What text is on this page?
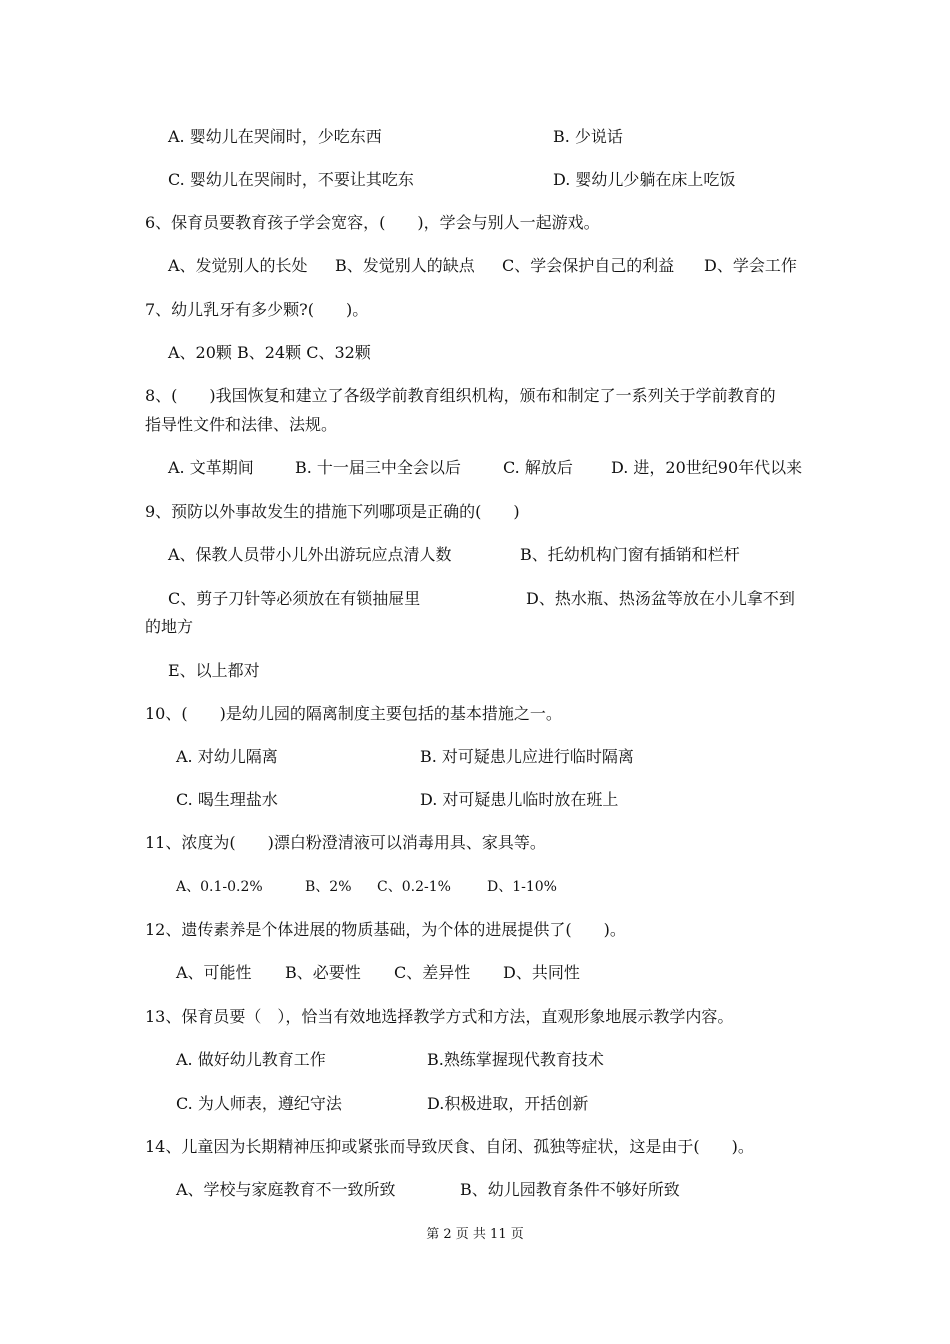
A. 婴幼儿在哭闹时，少吃东西	B. 少说话
C. 婴幼儿在哭闹时，不要让其吃东	D. 婴幼儿少躺在床上吃饭
6、保育员要教育孩子学会宽容，(　　)，学会与别人一起游戏。
A、发觉别人的长处 B、发觉别人的缺点 C、学会保护自己的利益 D、学会工作
7、幼儿乳牙有多少颗?(　　)。
A、20颗 B、24颗 C、32颗
8、(　　)我国恢复和建立了各级学前教育组织机构，颁布和制定了一系列关于学前教育的
指导性文件和法律、法规。
A. 文革期间	B. 十一届三中全会以后	C. 解放后 D. 进，20世纪90年代以来
9、预防以外事故发生的措施下列哪项是正确的(　　)
A、保教人员带小儿外出游玩应点清人数	B、托幼机构门窗有插销和栏杆
C、剪子刀针等必须放在有锁抽屉里	D、热水瓶、热汤盆等放在小儿拿不到
的地方
E、以上都对
10、(　　)是幼儿园的隔离制度主要包括的基本措施之一。
A. 对幼儿隔离	B. 对可疑患儿应进行临时隔离
C. 喝生理盐水	D. 对可疑患儿临时放在班上
11、浓度为(　　)漂白粉澄清液可以消毒用具、家具等。
A、0.1-0.2%	B、2% C、0.2-1%	D、1-10%
12、遗传素养是个体进展的物质基础，为个体的进展提供了(　　)。
A、可能性 B、必要性 C、差异性 D、共同性
13、保育员要（　），恰当有效地选择教学方式和方法，直观形象地展示教学内容。
A. 做好幼儿教育工作	B.熟练掌握现代教育技术
C. 为人师表，遵纪守法	D.积极进取，开括创新
14、儿童因为长期精神压抑或紧张而导致厌食、自闭、孤独等症状，这是由于(　　)。
A、学校与家庭教育不一致所致	B、幼儿园教育条件不够好所致
第 2 页 共 11 页
